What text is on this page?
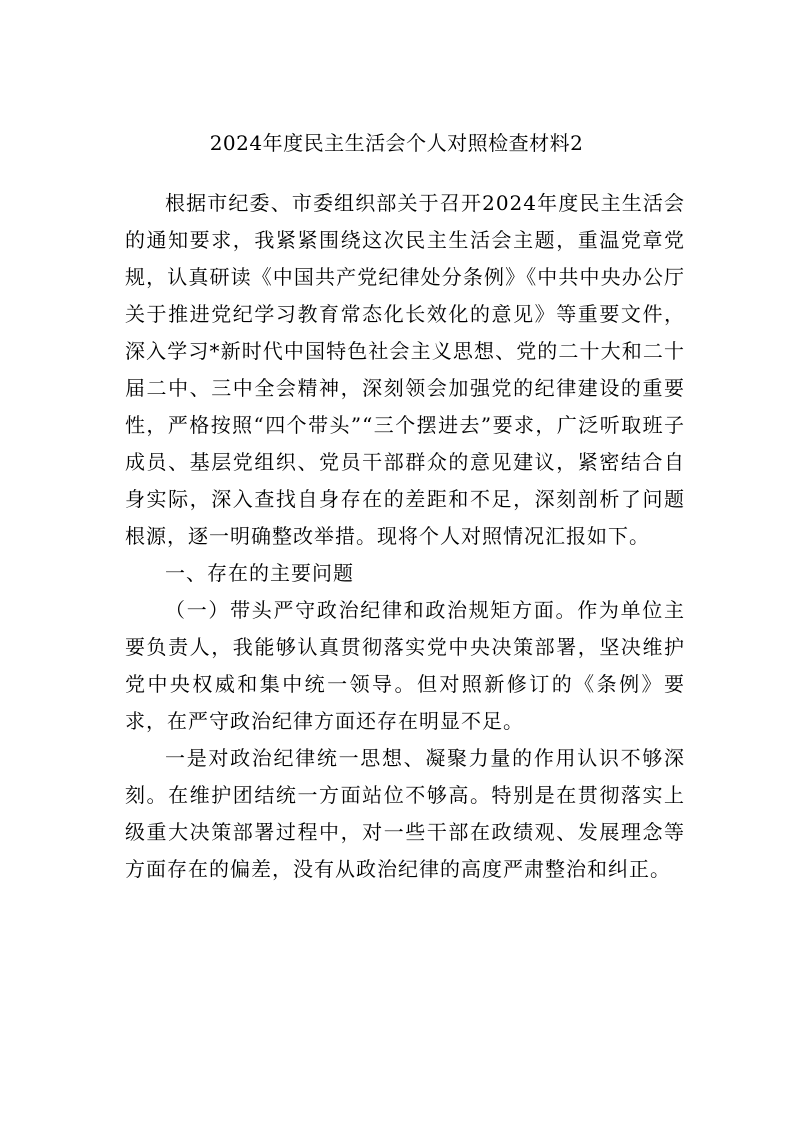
2024年度民主生活会个人对照检查材料2

根据市纪委、市委组织部关于召开2024年度民主生活会的通知要求，我紧紧围绕这次民主生活会主题，重温党章党规，认真研读《中国共产党纪律处分条例》《中共中央办公厅关于推进党纪学习教育常态化长效化的意见》等重要文件，深入学习*新时代中国特色社会主义思想、党的二十大和二十届二中、三中全会精神，深刻领会加强党的纪律建设的重要性，严格按照“四个带头”“三个摆进去”要求，广泛听取班子成员、基层党组织、党员干部群众的意见建议，紧密结合自身实际，深入查找自身存在的差距和不足，深刻剖析了问题根源，逐一明确整改举措。现将个人对照情况汇报如下。

一、存在的主要问题

（一）带头严守政治纪律和政治规矩方面。作为单位主要负责人，我能够认真贯彻落实党中央决策部署，坚决维护党中央权威和集中统一领导。但对照新修订的《条例》要求，在严守政治纪律方面还存在明显不足。

一是对政治纪律统一思想、凝聚力量的作用认识不够深刻。在维护团结统一方面站位不够高。特别是在贯彻落实上级重大决策部署过程中，对一些干部在政绩观、发展理念等方面存在的偏差，没有从政治纪律的高度严肃整治和纠正。
